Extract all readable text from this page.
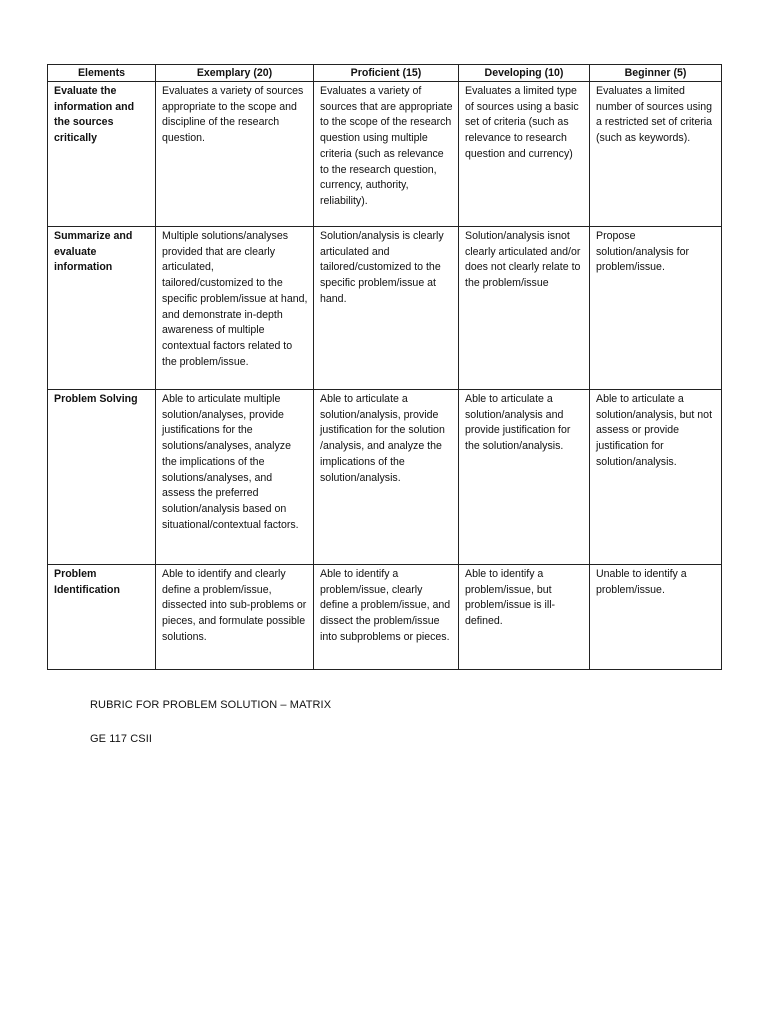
Elements	Exemplary (20)	Proficient (15)	Developing (10)	Beginner (5)
Evaluate the information and the sources critically	Evaluates a variety of sources appropriate to the scope and discipline of the research question.	Evaluates a variety of sources that are appropriate to the scope of the research question using multiple criteria (such as relevance to the research question, currency, authority, reliability).	Evaluates a limited type of sources using a basic set of criteria (such as relevance to research question and currency)	Evaluates a limited number of sources using a restricted set of criteria (such as keywords).
Summarize and evaluate information	Multiple solutions/analyses provided that are clearly articulated, tailored/customized to the specific problem/issue at hand, and demonstrate in-depth awareness of multiple contextual factors related to the problem/issue.	Solution/analysis is clearly articulated and tailored/customized to the specific problem/issue at hand.	Solution/analysis isnot clearly articulated and/or does not clearly relate to the problem/issue	Propose solution/analysis for problem/issue.
Problem Solving	Able to articulate multiple solution/analyses, provide justifications for the solutions/analyses, analyze the implications of the solutions/analyses, and assess the preferred solution/analysis based on situational/contextual factors.	Able to articulate a solution/analysis, provide justification for the solution /analysis, and analyze the implications of the solution/analysis.	Able to articulate a solution/analysis and provide justification for the solution/analysis.	Able to articulate a solution/analysis, but not assess or provide justification for solution/analysis.
Problem Identification	Able to identify and clearly define a problem/issue, dissected into sub-problems or pieces, and formulate possible solutions.	Able to identify a problem/issue, clearly define a problem/issue, and dissect the problem/issue into subproblems or pieces.	Able to identify a problem/issue, but problem/issue is ill-defined.	Unable to identify a problem/issue.
RUBRIC FOR PROBLEM SOLUTION – MATRIX
GE 117 CSII
